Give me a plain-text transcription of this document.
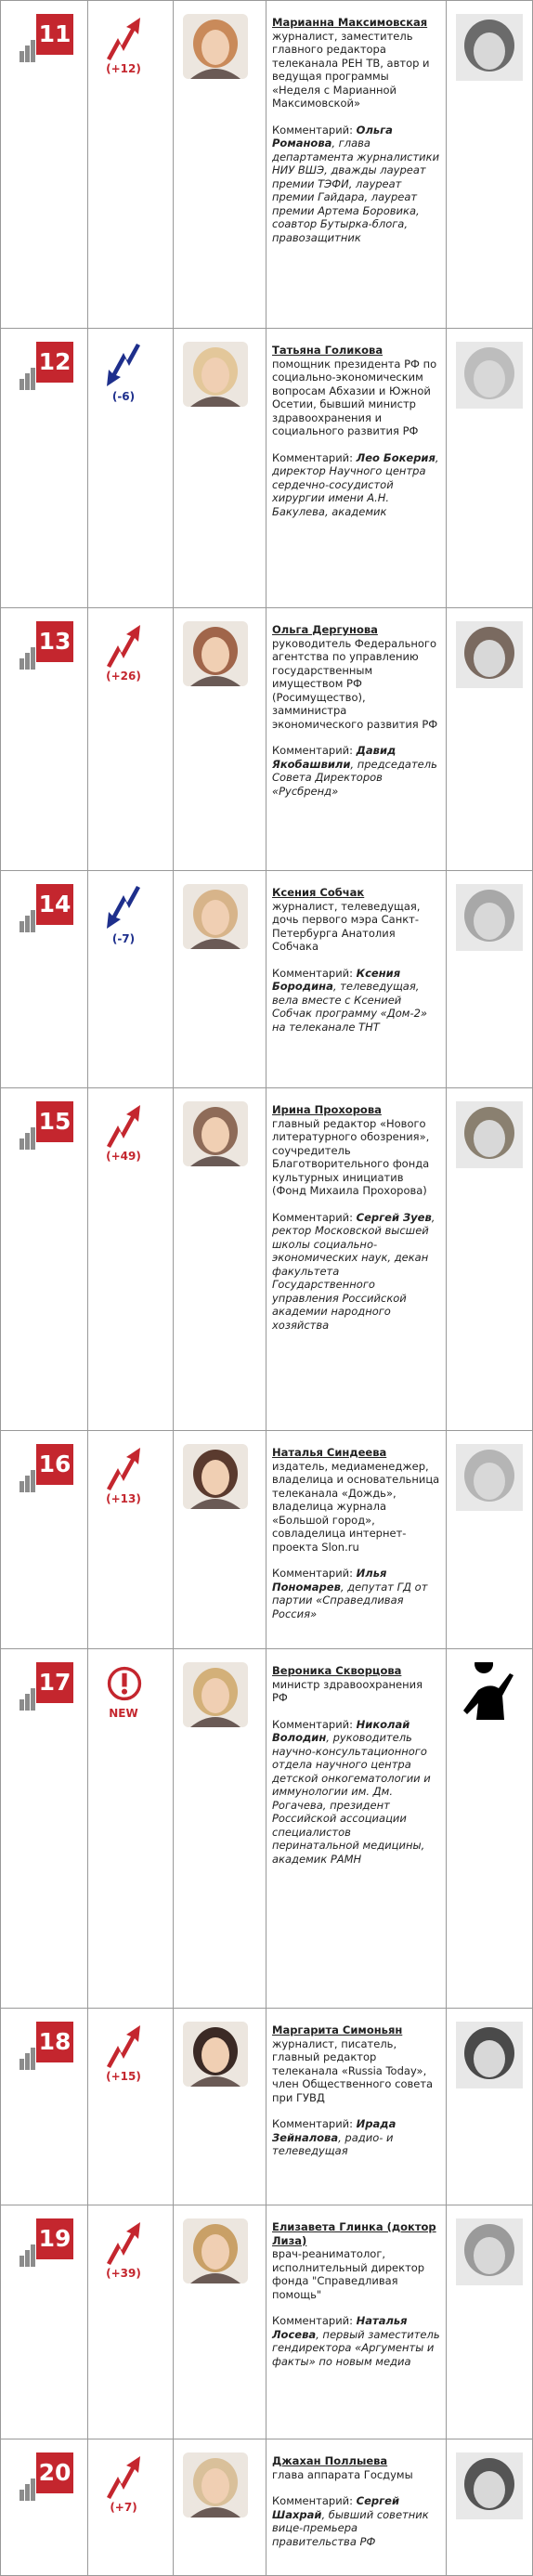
11
(+12)
Марианна Максимовская
журналист, заместитель главного редактора телеканала РЕН ТВ, автор и ведущая программы «Неделя с Марианной Максимовской»
Комментарий: Ольга Романова, глава департамента журналистики НИУ ВШЭ, дважды лауреат премии ТЭФИ, лауреат премии Гайдара, лауреат премии Артема Боровика, соавтор Бутырка-блога, правозащитник
12
(-6)
Татьяна Голикова
помощник президента РФ по социально-экономическим вопросам Абхазии и Южной Осетии, бывший министр здравоохранения и социального развития РФ
Комментарий: Лео Бокерия, директор Научного центра сердечно-сосудистой хирургии имени А.Н. Бакулева, академик
13
(+26)
Ольга Дергунова
руководитель Федерального агентства по управлению государственным имуществом РФ (Росимущество), замминистра экономического развития РФ
Комментарий: Давид Якобашвили, председатель Совета Директоров «Русбренд»
14
(-7)
Ксения Собчак
журналист, телеведущая, дочь первого мэра Санкт-Петербурга Анатолия Собчака
Комментарий: Ксения Бородина, телеведущая, вела вместе с Ксенией Собчак программу «Дом-2» на телеканале ТНТ
15
(+49)
Ирина Прохорова
главный редактор «Нового литературного обозрения», соучредитель Благотворительного фонда культурных инициатив (Фонд Михаила Прохорова)
Комментарий: Сергей Зуев, ректор Московской высшей школы социально-экономических наук, декан факультета Государственного управления Российской академии народного хозяйства
16
(+13)
Наталья Синдеева
издатель, медиаменеджер, владелица и основательница телеканала «Дождь», владелица журнала «Большой город», совладелица интернет-проекта Slon.ru
Комментарий: Илья Пономарев, депутат ГД от партии «Справедливая Россия»
17
NEW
Вероника Скворцова
министр здравоохранения РФ
Комментарий: Николай Володин, руководитель научно-консультационного отдела научного центра детской онкогематологии и иммунологии им. Дм. Рогачева, президент Российской ассоциации специалистов перинатальной медицины, академик РАМН
18
(+15)
Маргарита Симоньян
журналист, писатель, главный редактор телеканала «Russia Today», член Общественного совета при ГУВД
Комментарий: Ирада Зейналова, радио- и телеведущая
19
(+39)
Елизавета Глинка (доктор Лиза)
врач-реаниматолог, исполнительный директор фонда "Справедливая помощь"
Комментарий: Наталья Лосева, первый заместитель гендиректора «Аргументы и факты» по новым медиа
20
(+7)
Джахан Поллыева
глава аппарата Госдумы
Комментарий: Сергей Шахрай, бывший советник вице-премьера правительства РФ
